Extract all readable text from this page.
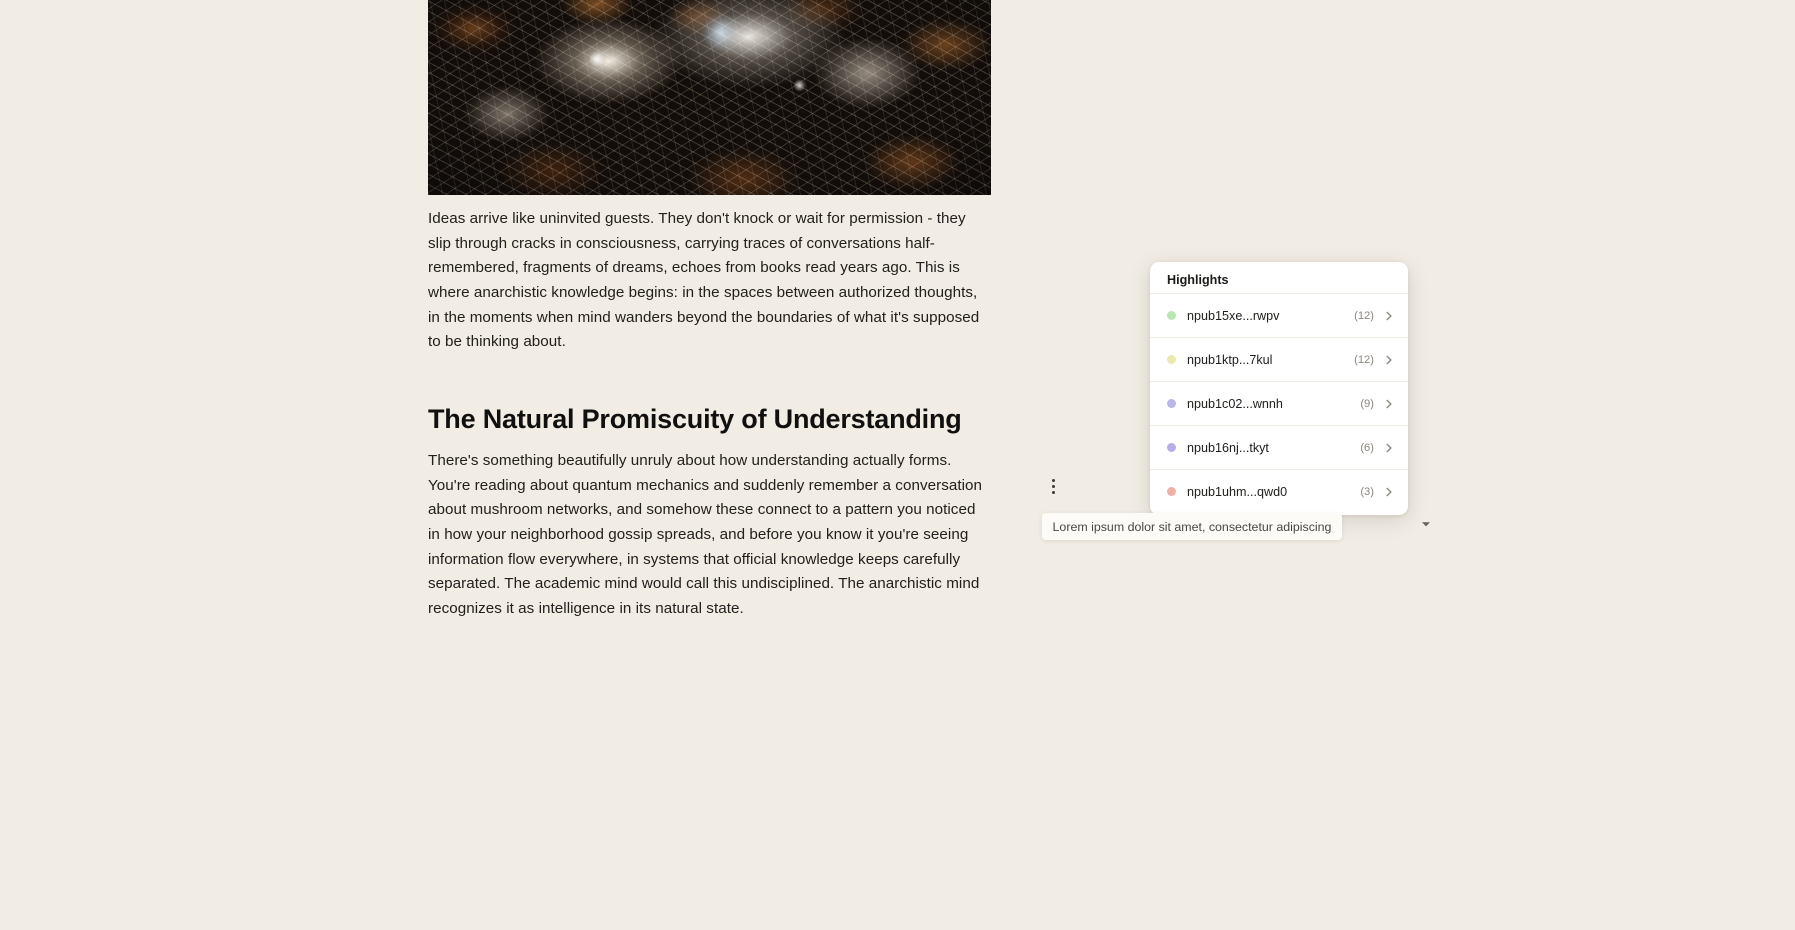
Ideas arrive like uninvited guests. They don't knock or wait for permission - they slip through cracks in consciousness, carrying traces of conversations half-remembered, fragments of dreams, echoes from books read years ago. This is where anarchistic knowledge begins: in the spaces between authorized thoughts, in the moments when mind wanders beyond the boundaries of what it's supposed to be thinking about.

The Natural Promiscuity of Understanding

There's something beautifully unruly about how understanding actually forms. You're reading about quantum mechanics and suddenly remember a conversation about mushroom networks, and somehow these connect to a pattern you noticed in how your neighborhood gossip spreads, and before you know it you're seeing information flow everywhere, in systems that official knowledge keeps carefully separated. The academic mind would call this undisciplined. The anarchistic mind recognizes it as intelligence in its natural state.

Highlights
npub15xe...rwpv	(12)
npub1ktp...7kul	(12)
npub1c02...wnnh	(9)
npub16nj...tkyt	(6)
npub1uhm...qwd0	(3)
Lorem ipsum dolor sit amet, consectetur adipiscing
